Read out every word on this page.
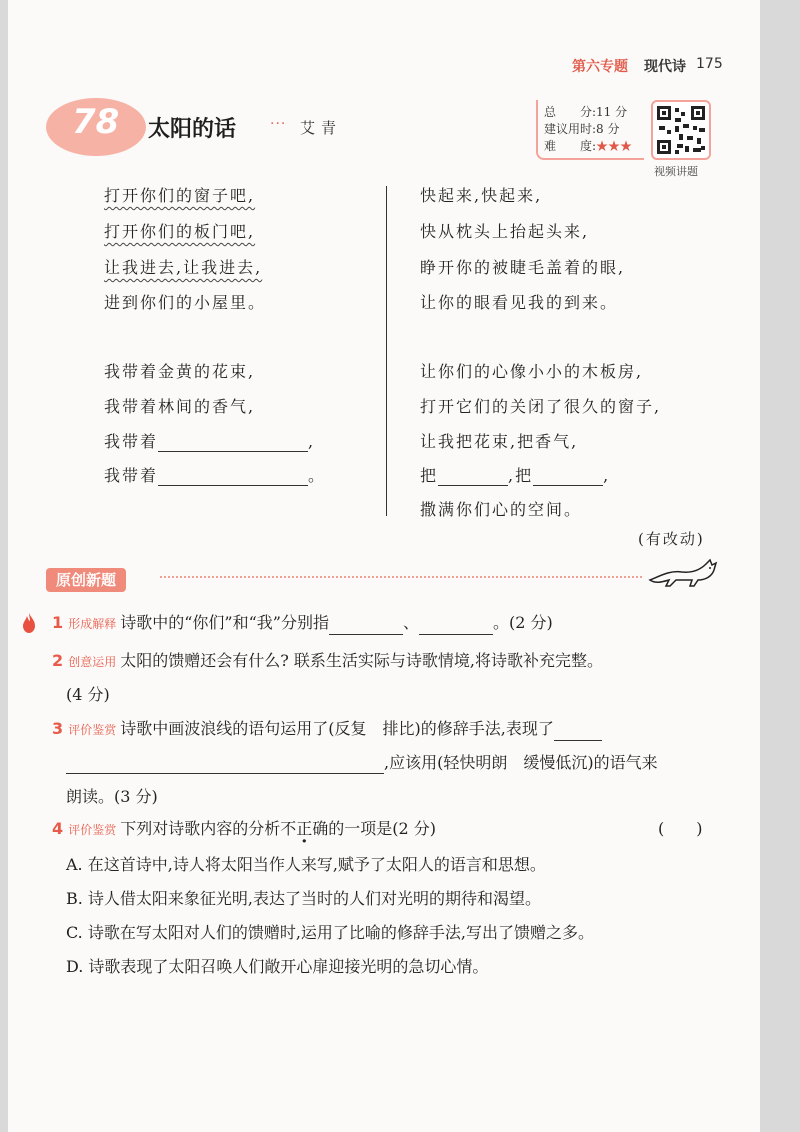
第六专题 现代诗 175
78 太阳的话 ··· 艾青
总　　分:11 分
建议用时:8 分
难　　度:★★★
视频讲题
打开你们的窗子吧,
打开你们的板门吧,
让我进去,让我进去,
进到你们的小屋里。
我带着金黄的花束,
我带着林间的香气,
我带着	,
我带着	。
快起来,快起来,
快从枕头上抬起头来,
睁开你的被睫毛盖着的眼,
让你的眼看见我的到来。
让你们的心像小小的木板房,
打开它们的关闭了很久的窗子,
让我把花束,把香气,
把	,把	,
撒满你们心的空间。
(有改动)
原创新题
1 形成解释 诗歌中的“你们”和“我”分别指	、	。(2 分)
2 创意运用 太阳的馈赠还会有什么? 联系生活实际与诗歌情境,将诗歌补充完整。
(4 分)
3 评价鉴赏 诗歌中画波浪线的语句运用了(反复　排比)的修辞手法,表现了
,应该用(轻快明朗　缓慢低沉)的语气来
朗读。(3 分)
4 评价鉴赏 下列对诗歌内容的分析不正确的一项是(2 分)	(　　)
A. 在这首诗中,诗人将太阳当作人来写,赋予了太阳人的语言和思想。
B. 诗人借太阳来象征光明,表达了当时的人们对光明的期待和渴望。
C. 诗歌在写太阳对人们的馈赠时,运用了比喻的修辞手法,写出了馈赠之多。
D. 诗歌表现了太阳召唤人们敞开心扉迎接光明的急切心情。
